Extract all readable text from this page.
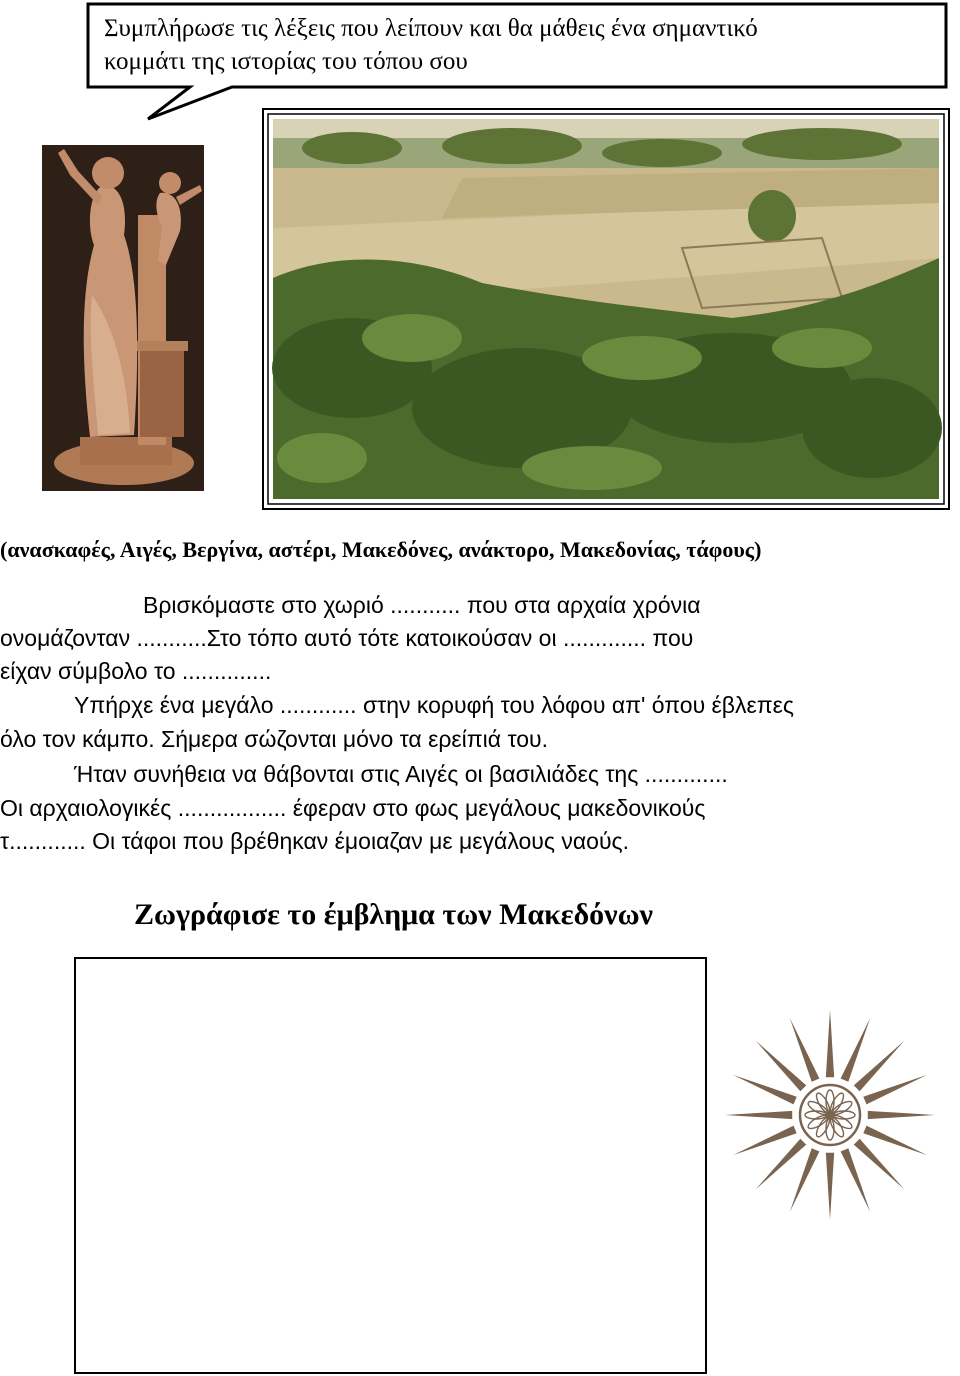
Συμπλήρωσε τις λέξεις που λείπουν και θα μάθεις ένα σημαντικό
κομμάτι της ιστορίας του τόπου σου
(ανασκαφές, Αιγές, Βεργίνα, αστέρι, Μακεδόνες, ανάκτορο, Μακεδονίας, τάφους)
Βρισκόμαστε στο χωριό ........... που στα αρχαία χρόνια
ονομάζονταν ...........Στο τόπο αυτό τότε κατοικούσαν οι ............. που
είχαν σύμβολο το ..............
Υπήρχε ένα μεγάλο ............ στην κορυφή του λόφου απ' όπου έβλεπες
όλο τον κάμπο. Σήμερα σώζονται μόνο τα ερείπιά του.
Ήταν συνήθεια να θάβονται στις Αιγές οι βασιλιάδες της .............
Οι αρχαιολογικές ................. έφεραν στο φως μεγάλους μακεδονικούς
τ............ Οι τάφοι που βρέθηκαν έμοιαζαν με μεγάλους ναούς.
Ζωγράφισε το έμβλημα των Μακεδόνων
